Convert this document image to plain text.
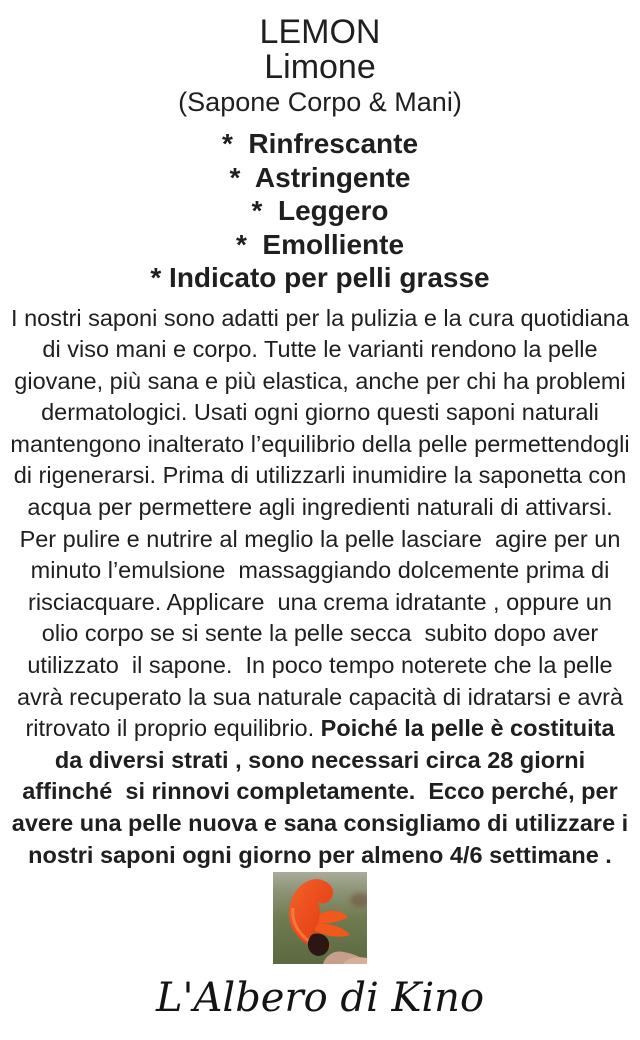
LEMON
Limone
(Sapone Corpo & Mani)
*  Rinfrescante
*  Astringente
*  Leggero
*  Emolliente
* Indicato per pelli grasse
I nostri saponi sono adatti per la pulizia e la cura quotidiana
di viso mani e corpo. Tutte le varianti rendono la pelle
giovane, più sana e più elastica, anche per chi ha problemi
dermatologici. Usati ogni giorno questi saponi naturali
mantengono inalterato l’equilibrio della pelle permettendogli
di rigenerarsi. Prima di utilizzarli inumidire la saponetta con
acqua per permettere agli ingredienti naturali di attivarsi.
Per pulire e nutrire al meglio la pelle lasciare  agire per un
minuto l’emulsione  massaggiando dolcemente prima di
risciacquare. Applicare  una crema idratante , oppure un
olio corpo se si sente la pelle secca  subito dopo aver
utilizzato  il sapone.  In poco tempo noterete che la pelle
avrà recuperato la sua naturale capacità di idratarsi e avrà
ritrovato il proprio equilibrio. Poiché la pelle è costituita
da diversi strati , sono necessari circa 28 giorni
affinché  si rinnovi completamente.  Ecco perché, per
avere una pelle nuova e sana consigliamo di utilizzare i
nostri saponi ogni giorno per almeno 4/6 settimane .
L'Albero di Kino
